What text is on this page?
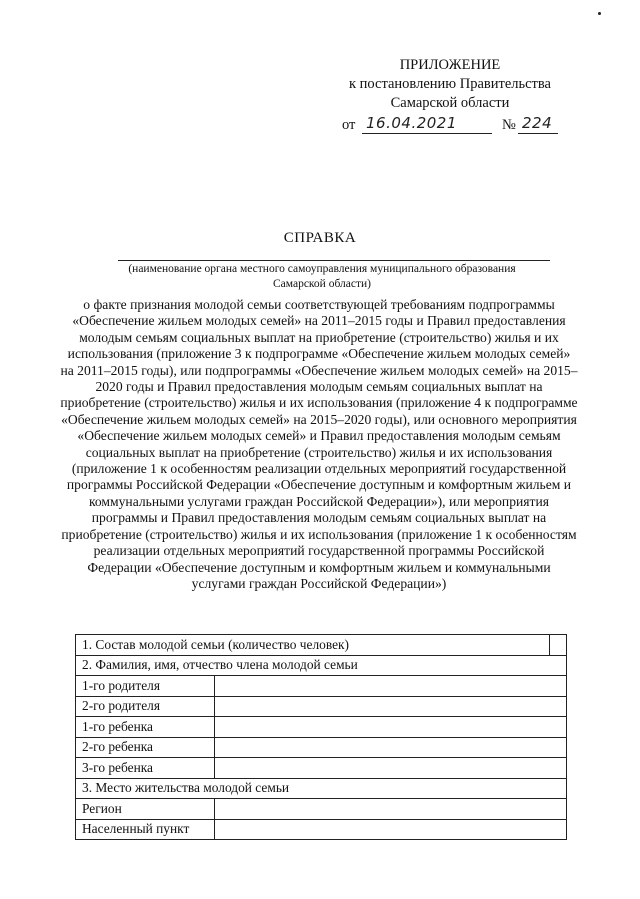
ПРИЛОЖЕНИЕ
к постановлению Правительства
Самарской области
от 16.04.2021	№ 224
СПРАВКА
(наименование органа местного самоуправления муниципального образования Самарской области)
о факте признания молодой семьи соответствующей требованиям подпрограммы «Обеспечение жильем молодых семей» на 2011–2015 годы и Правил предоставления молодым семьям социальных выплат на приобретение (строительство) жилья и их использования (приложение 3 к подпрограмме «Обеспечение жильем молодых семей» на 2011–2015 годы), или подпрограммы «Обеспечение жильем молодых семей» на 2015–2020 годы и Правил предоставления молодым семьям социальных выплат на приобретение (строительство) жилья и их использования (приложение 4 к подпрограмме «Обеспечение жильем молодых семей» на 2015–2020 годы), или основного мероприятия «Обеспечение жильем молодых семей» и Правил предоставления молодым семьям социальных выплат на приобретение (строительство) жилья и их использования (приложение 1 к особенностям реализации отдельных мероприятий государственной программы Российской Федерации «Обеспечение доступным и комфортным жильем и коммунальными услугами граждан Российской Федерации»), или мероприятия программы и Правил предоставления молодым семьям социальных выплат на приобретение (строительство) жилья и их использования (приложение 1 к особенностям реализации отдельных мероприятий государственной программы Российской Федерации «Обеспечение доступным и комфортным жильем и коммунальными услугами граждан Российской Федерации»)
1. Состав молодой семьи (количество человек)		
2. Фамилия, имя, отчество члена молодой семьи		
1-го родителя		
2-го родителя		
1-го ребенка		
2-го ребенка		
3-го ребенка		
3. Место жительства молодой семьи		
Регион		
Населенный пункт		
